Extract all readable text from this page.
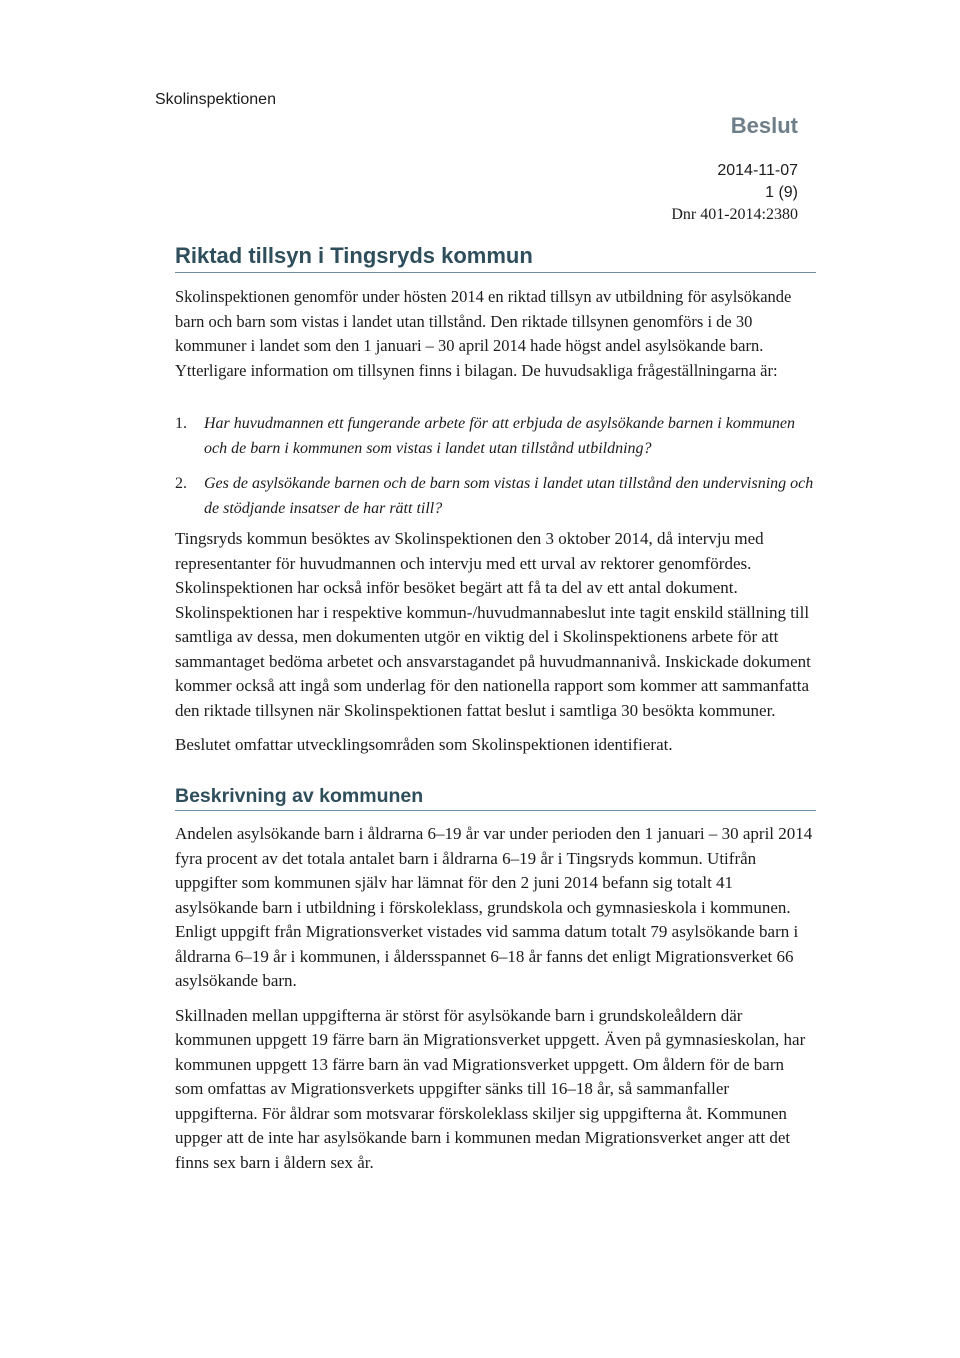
Skolinspektionen
Beslut
2014-11-07
1 (9)
Dnr 401-2014:2380
Riktad tillsyn i Tingsryds kommun

Skolinspektionen genomför under hösten 2014 en riktad tillsyn av utbildning för asylsökande barn och barn som vistas i landet utan tillstånd. Den riktade tillsynen genomförs i de 30 kommuner i landet som den 1 januari – 30 april 2014 hade högst andel asylsökande barn. Ytterligare information om tillsynen finns i bilagan. De huvudsakliga frågeställningarna är:

1. Har huvudmannen ett fungerande arbete för att erbjuda de asylsökande barnen i kommunen och de barn i kommunen som vistas i landet utan tillstånd utbildning?
2. Ges de asylsökande barnen och de barn som vistas i landet utan tillstånd den undervisning och de stödjande insatser de har rätt till?

Tingsryds kommun besöktes av Skolinspektionen den 3 oktober 2014, då intervju med representanter för huvudmannen och intervju med ett urval av rektorer genomfördes. Skolinspektionen har också inför besöket begärt att få ta del av ett antal dokument. Skolinspektionen har i respektive kommun-/huvudmannabeslut inte tagit enskild ställning till samtliga av dessa, men dokumenten utgör en viktig del i Skolinspektionens arbete för att sammantaget bedöma arbetet och ansvarstagandet på huvudmannanivå. Inskickade dokument kommer också att ingå som underlag för den nationella rapport som kommer att sammanfatta den riktade tillsynen när Skolinspektionen fattat beslut i samtliga 30 besökta kommuner.

Beslutet omfattar utvecklingsområden som Skolinspektionen identifierat.

Beskrivning av kommunen

Andelen asylsökande barn i åldrarna 6–19 år var under perioden den 1 januari – 30 april 2014 fyra procent av det totala antalet barn i åldrarna 6–19 år i Tingsryds kommun. Utifrån uppgifter som kommunen själv har lämnat för den 2 juni 2014 befann sig totalt 41 asylsökande barn i utbildning i förskoleklass, grundskola och gymnasieskola i kommunen. Enligt uppgift från Migrationsverket vistades vid samma datum totalt 79 asylsökande barn i åldrarna 6–19 år i kommunen, i åldersspannet 6–18 år fanns det enligt Migrationsverket 66 asylsökande barn.

Skillnaden mellan uppgifterna är störst för asylsökande barn i grundskoleåldern där kommunen uppgett 19 färre barn än Migrationsverket uppgett. Även på gymnasieskolan, har kommunen uppgett 13 färre barn än vad Migrationsverket uppgett. Om åldern för de barn som omfattas av Migrationsverkets uppgifter sänks till 16–18 år, så sammanfaller uppgifterna. För åldrar som motsvarar förskoleklass skiljer sig uppgifterna åt. Kommunen uppger att de inte har asylsökande barn i kommunen medan Migrationsverket anger att det finns sex barn i åldern sex år.
